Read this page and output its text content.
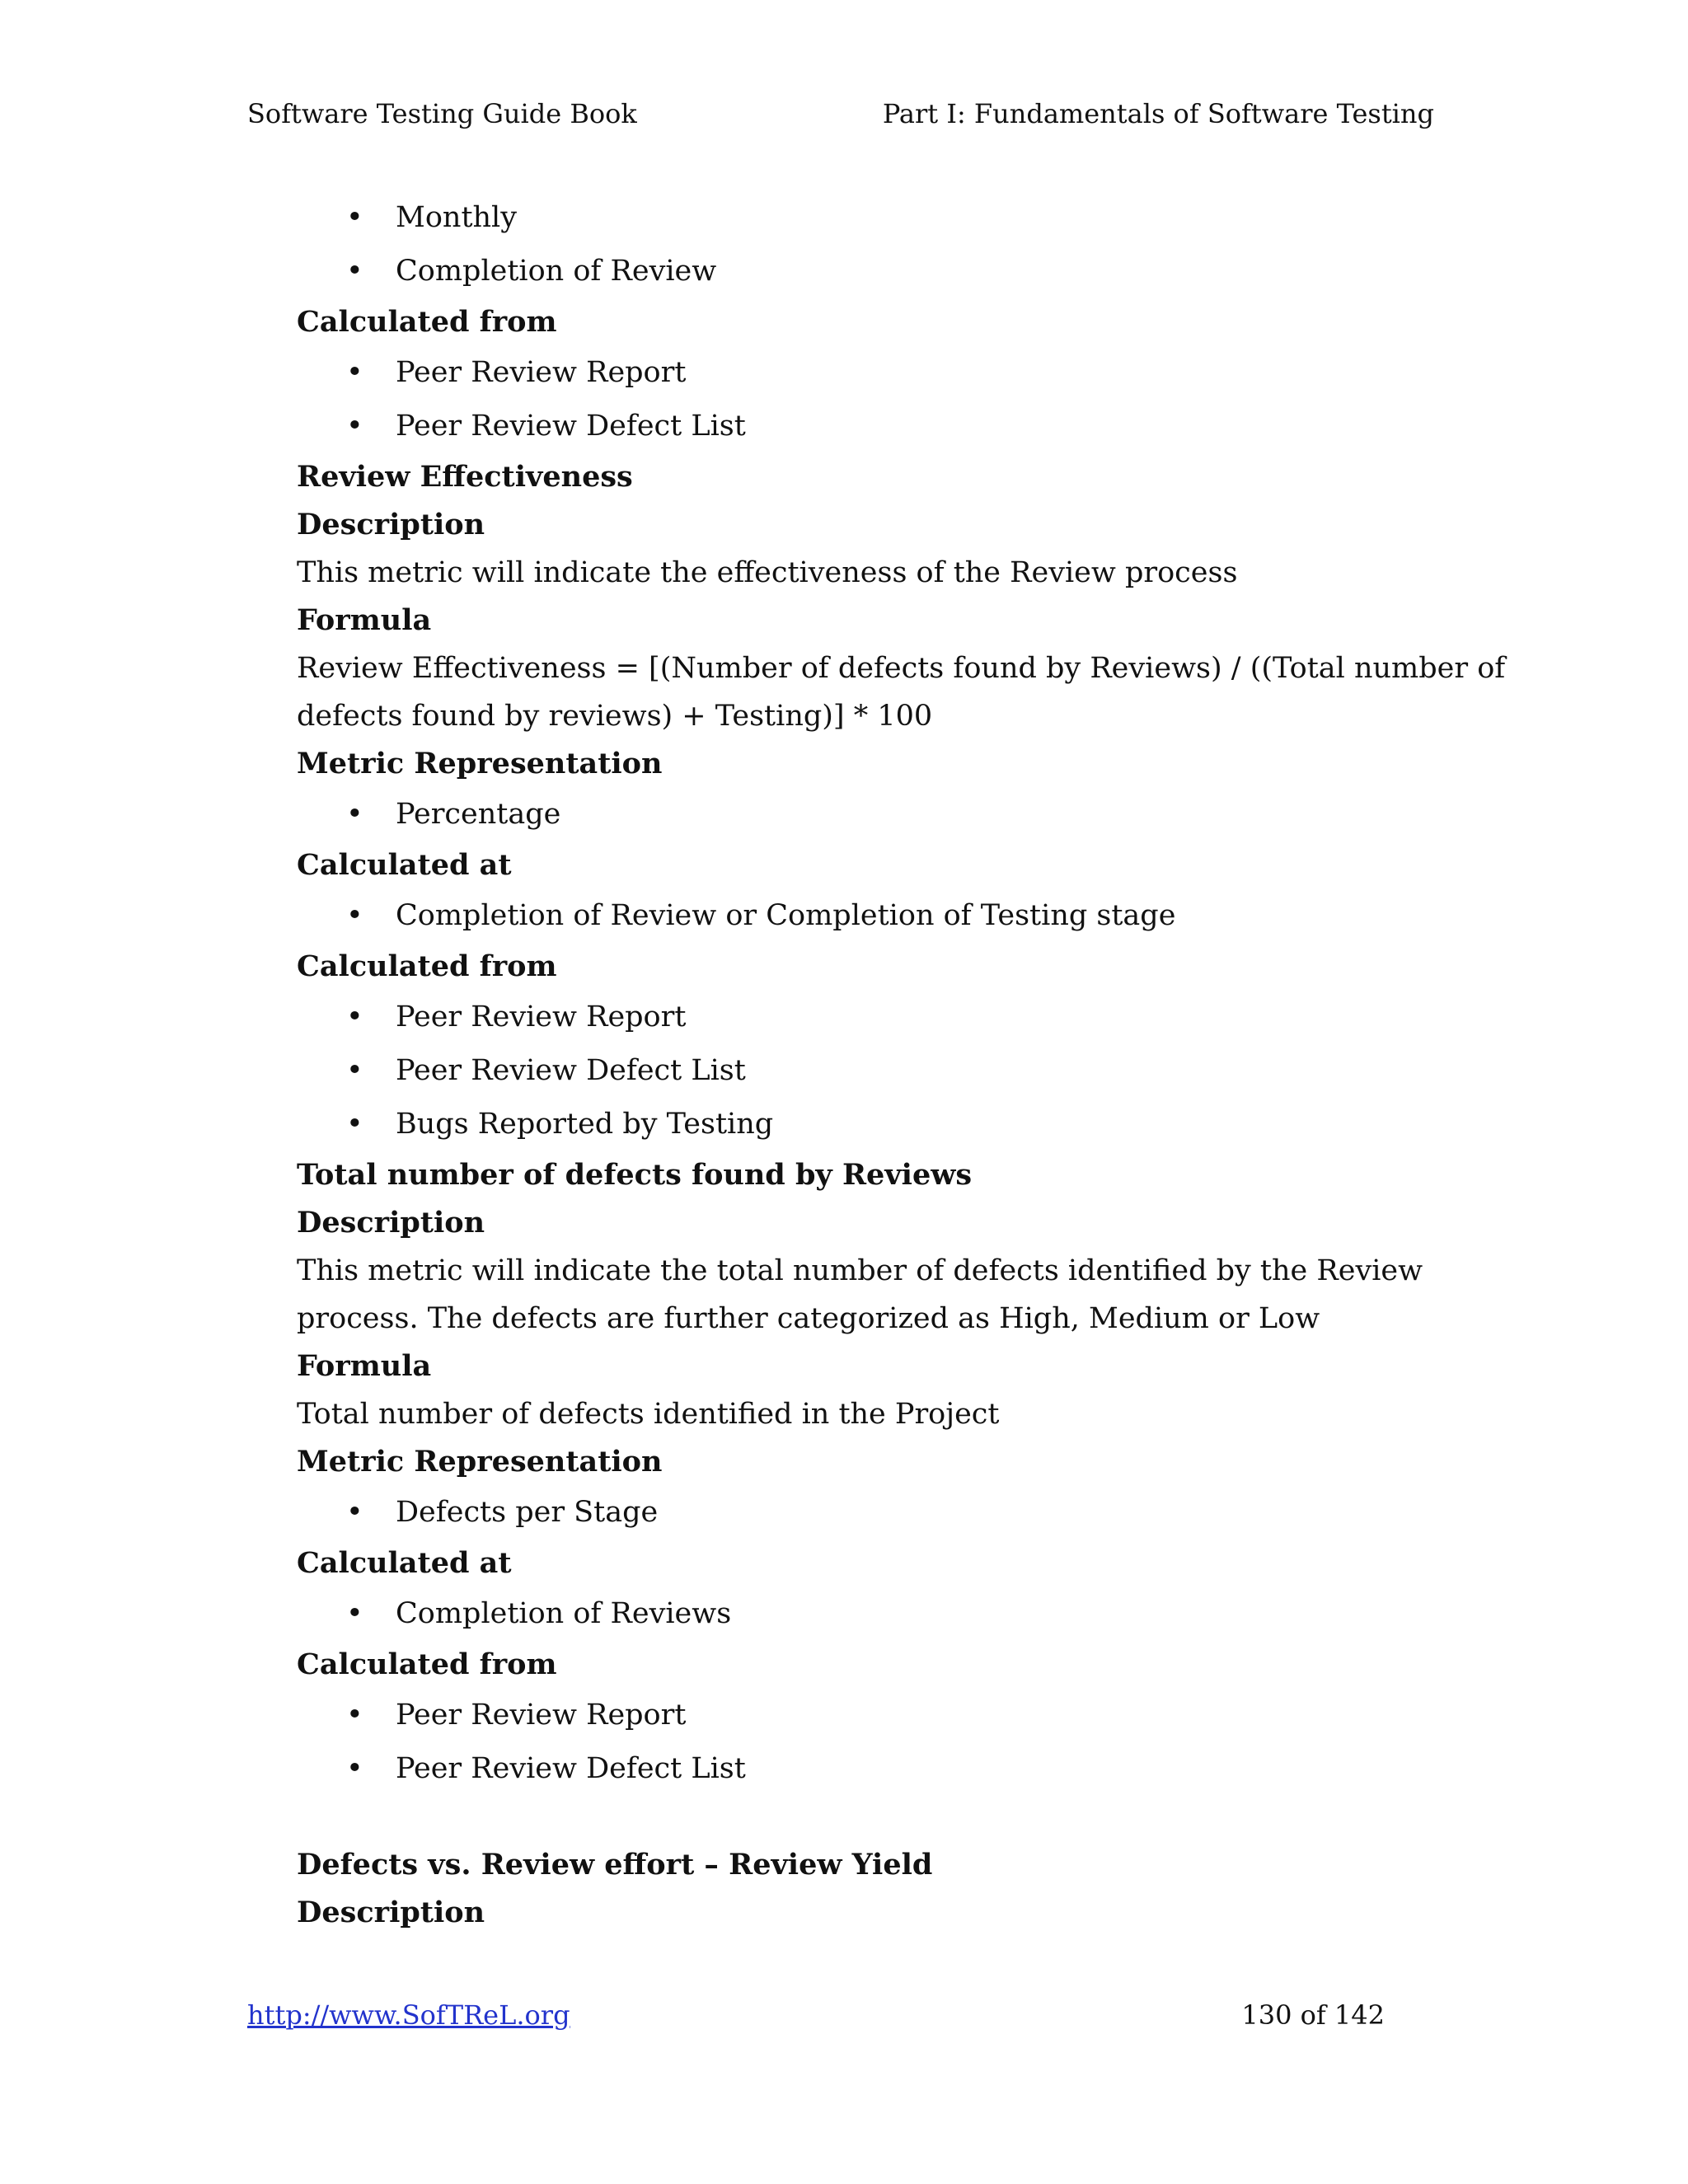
Software Testing Guide Book	Part I: Fundamentals of Software Testing
• Monthly
• Completion of Review
Calculated from
• Peer Review Report
• Peer Review Defect List
Review Effectiveness
Description
This metric will indicate the effectiveness of the Review process
Formula
Review Effectiveness = [(Number of defects found by Reviews) / ((Total number of
defects found by reviews) + Testing)] * 100
Metric Representation
• Percentage
Calculated at
• Completion of Review or Completion of Testing stage
Calculated from
• Peer Review Report
• Peer Review Defect List
• Bugs Reported by Testing
Total number of defects found by Reviews
Description
This metric will indicate the total number of defects identified by the Review
process. The defects are further categorized as High, Medium or Low
Formula
Total number of defects identified in the Project
Metric Representation
• Defects per Stage
Calculated at
• Completion of Reviews
Calculated from
• Peer Review Report
• Peer Review Defect List
Defects vs. Review effort – Review Yield
Description
http://www.SofTReL.org	130 of 142
